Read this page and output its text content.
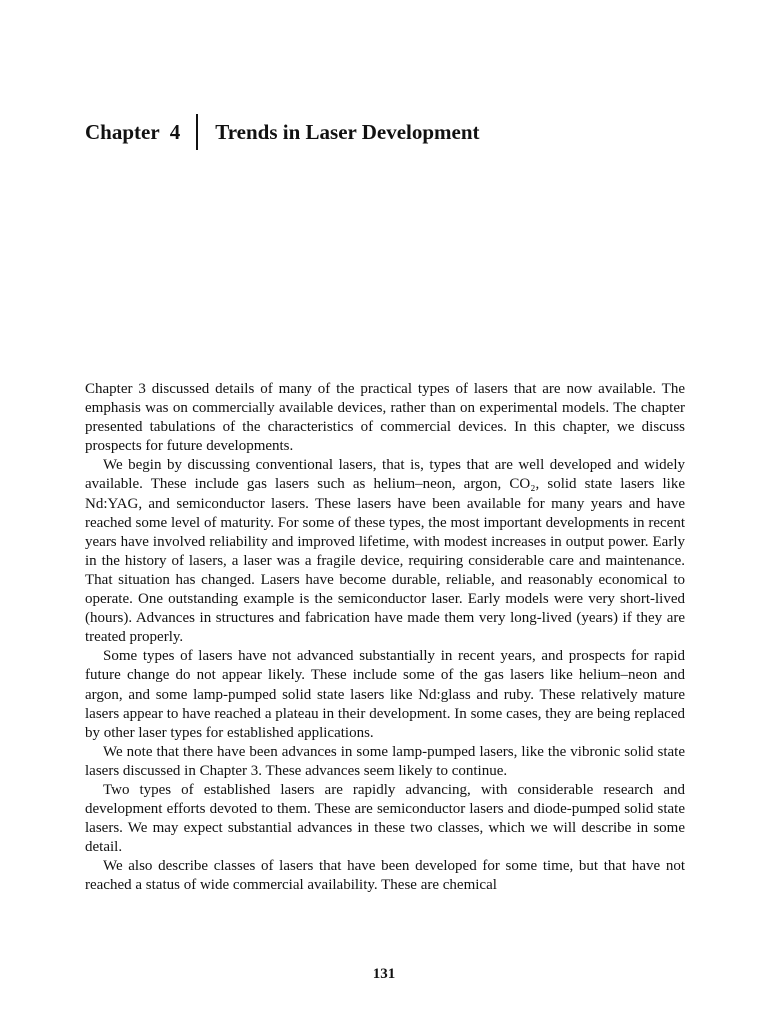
Chapter  4 Trends in Laser Development

Chapter 3 discussed details of many of the practical types of lasers that are now available. The emphasis was on commercially available devices, rather than on experimental models. The chapter presented tabulations of the characteristics of commercial devices. In this chapter, we discuss prospects for future developments.

We begin by discussing conventional lasers, that is, types that are well developed and widely available. These include gas lasers such as helium–neon, argon, CO₂, solid state lasers like Nd:YAG, and semiconductor lasers. These lasers have been available for many years and have reached some level of maturity. For some of these types, the most important developments in recent years have involved reliability and improved lifetime, with modest increases in output power. Early in the history of lasers, a laser was a fragile device, requiring considerable care and maintenance. That situation has changed. Lasers have become durable, reliable, and reasonably economical to operate. One outstanding example is the semiconductor laser. Early models were very short-lived (hours). Advances in structures and fabrication have made them very long-lived (years) if they are treated properly.

Some types of lasers have not advanced substantially in recent years, and prospects for rapid future change do not appear likely. These include some of the gas lasers like helium–neon and argon, and some lamp-pumped solid state lasers like Nd:glass and ruby. These relatively mature lasers appear to have reached a plateau in their development. In some cases, they are being replaced by other laser types for established applications.

We note that there have been advances in some lamp-pumped lasers, like the vibronic solid state lasers discussed in Chapter 3. These advances seem likely to continue.

Two types of established lasers are rapidly advancing, with considerable research and development efforts devoted to them. These are semiconductor lasers and diode-pumped solid state lasers. We may expect substantial advances in these two classes, which we will describe in some detail.

We also describe classes of lasers that have been developed for some time, but that have not reached a status of wide commercial availability. These are chemical

131
